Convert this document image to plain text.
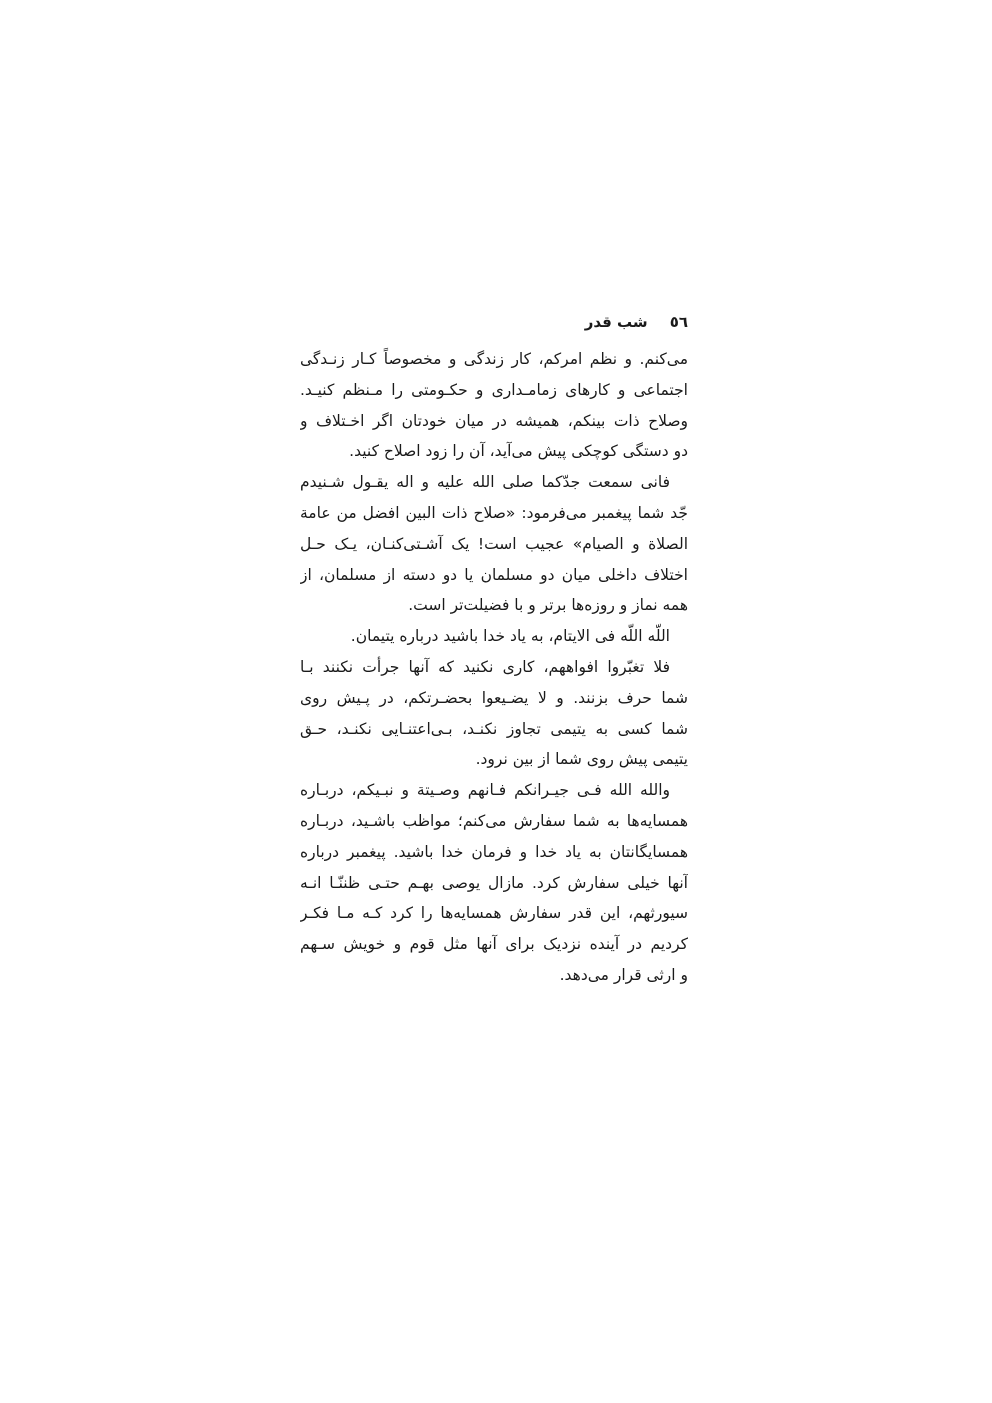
٥٦
شب قدر
می‌کنم. و نظم امرکم، کار زندگی و مخصوصاً کـار زنـدگی
اجتماعی و کارهای زمامـداری و حکـومتی را مـنظم کنیـد.
وصلاح ذات بینکم، همیشه در میان خودتان اگر اخـتلاف و
دو دستگی کوچکی پیش می‌آید، آن را زود اصلاح کنید.
فانی سمعت جدّکما صلی الله علیه و اله یقـول شـنیدم
جّد شما پیغمبر می‌فرمود: «صلاح ذات البین افضل من عامة
الصلاة و الصیام» عجیب است! یک آشـتی‌کنـان، یـک حـل
اختلاف داخلی میان دو مسلمان یا دو دسته از مسلمان، از
همه نماز و روزه‌ها برتر و با فضیلت‌تر است.
اللّه اللّه فی الایتام، به یاد خدا باشید درباره یتیمان.
فلا تغبّروا افواههم، کاری نکنید که آنها جرأت نکنند بـا
شما حرف بزنند. و لا یضـیعوا بحضـرتکم، در پـیش روی
شما کسی به یتیمی تجاوز نکنـد، بـی‌اعتنـایی نکنـد، حـق
یتیمی پیش روی شما از بین نرود.
والله الله فـی جیـرانکم فـانهم وصـیتة و نبـیکم، دربـاره
همسایه‌ها به شما سفارش می‌کنم؛ مواظب باشـید، دربـاره
همسایگانتان به یاد خدا و فرمان خدا باشید. پیغمبر درباره
آنها خیلی سفارش کرد. مازال یوصی بهـم حتـی ظننّـا انـه
سیورثهم، این قدر سفارش همسایه‌ها را کرد کـه مـا فکـر
کردیم در آینده نزدیک برای آنها مثل قوم و خویش سـهم
و ارثی قرار می‌دهد.
